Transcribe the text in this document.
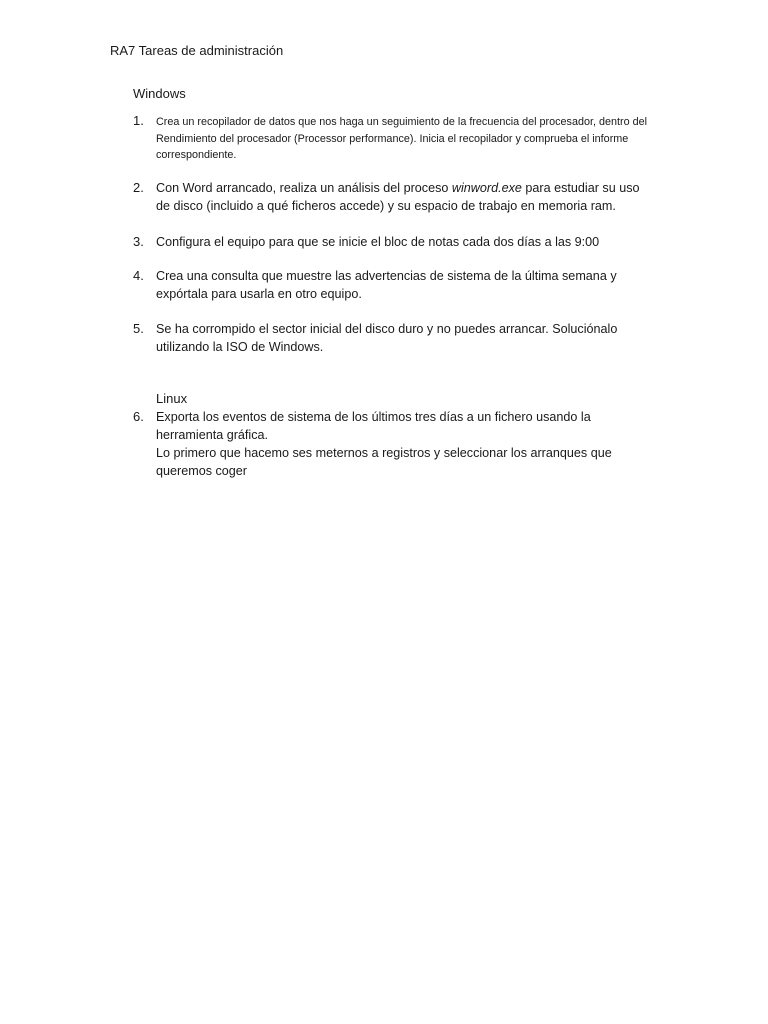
RA7 Tareas de administración
Windows
1. Crea un recopilador de datos que nos haga un seguimiento de la frecuencia del procesador, dentro del Rendimiento del procesador (Processor performance). Inicia el recopilador y comprueba el informe correspondiente.
2. Con Word arrancado, realiza un análisis del proceso winword.exe para estudiar su uso de disco (incluido a qué ficheros accede) y su espacio de trabajo en memoria ram.
3. Configura el equipo para que se inicie el bloc de notas cada dos días a las 9:00
4. Crea una consulta que muestre las advertencias de sistema de la última semana y expórtala para usarla en otro equipo.
5. Se ha corrompido el sector inicial del disco duro y no puedes arrancar. Soluciónalo utilizando la ISO de Windows.
Linux
6. Exporta los eventos de sistema de los últimos tres días a un fichero usando la herramienta gráfica.
Lo primero que hacemo ses meternos a registros y seleccionar los arranques que queremos coger
